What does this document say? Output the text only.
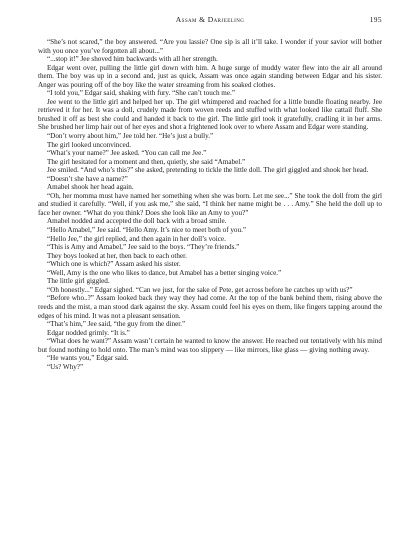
Assam & Darjeeling	195

“She’s not scared,” the boy answered. “Are you lassie? One sip is all it’ll take. I wonder if your savior will bother with you once you’ve forgotten all about...”

“...stop it!” Jee shoved him backwards with all her strength.

Edgar went over, pulling the little girl down with him. A huge surge of muddy water flew into the air all around them. The boy was up in a second and, just as quick, Assam was once again standing between Edgar and his sister. Anger was pouring off of the boy like the water streaming from his soaked clothes.

“I told you,” Edgar said, shaking with fury. “She can’t touch me.”

Jee went to the little girl and helped her up. The girl whimpered and reached for a little bundle floating nearby. Jee retrieved it for her. It was a doll, crudely made from woven reeds and stuffed with what looked like cattail fluff. She brushed it off as best she could and handed it back to the girl. The little girl took it gratefully, cradling it in her arms. She brushed her limp hair out of her eyes and shot a frightened look over to where Assam and Edgar were standing.

“Don’t worry about him,” Jee told her. “He’s just a bully.”

The girl looked unconvinced.

“What’s your name?” Jee asked. “You can call me Jee.”

The girl hesitated for a moment and then, quietly, she said “Amabel.”

Jee smiled. “And who’s this?” she asked, pretending to tickle the little doll. The girl giggled and shook her head.

“Doesn’t she have a name?”

Amabel shook her head again.

“Oh, her momma must have named her something when she was born. Let me see...” She took the doll from the girl and studied it carefully. “Well, if you ask me,” she said, “I think her name might be . . . Amy.” She held the doll up to face her owner. “What do you think? Does she look like an Amy to you?”

Amabel nodded and accepted the doll back with a broad smile.

“Hello Amabel,” Jee said. “Hello Amy. It’s nice to meet both of you.”

“Hello Jee,” the girl replied, and then again in her doll’s voice.

“This is Amy and Amabel,” Jee said to the boys. “They’re friends.”

They boys looked at her, then back to each other.

“Which one is which?” Assam asked his sister.

“Well, Amy is the one who likes to dance, but Amabel has a better singing voice.”

The little girl giggled.

“Oh honestly...” Edgar sighed. “Can we just, for the sake of Pete, get across before he catches up with us?”

“Before who..?” Assam looked back they way they had come. At the top of the bank behind them, rising above the reeds and the mist, a man stood dark against the sky. Assam could feel his eyes on them, like fingers tapping around the edges of his mind. It was not a pleasant sensation.

“That’s him,” Jee said, “the guy from the diner.”

Edgar nodded grimly. “It is.”

“What does he want?” Assam wasn’t certain he wanted to know the answer. He reached out tentatively with his mind but found nothing to hold onto. The man’s mind was too slippery — like mirrors, like glass — giving nothing away.

“He wants you,” Edgar said.

“Us? Why?”
